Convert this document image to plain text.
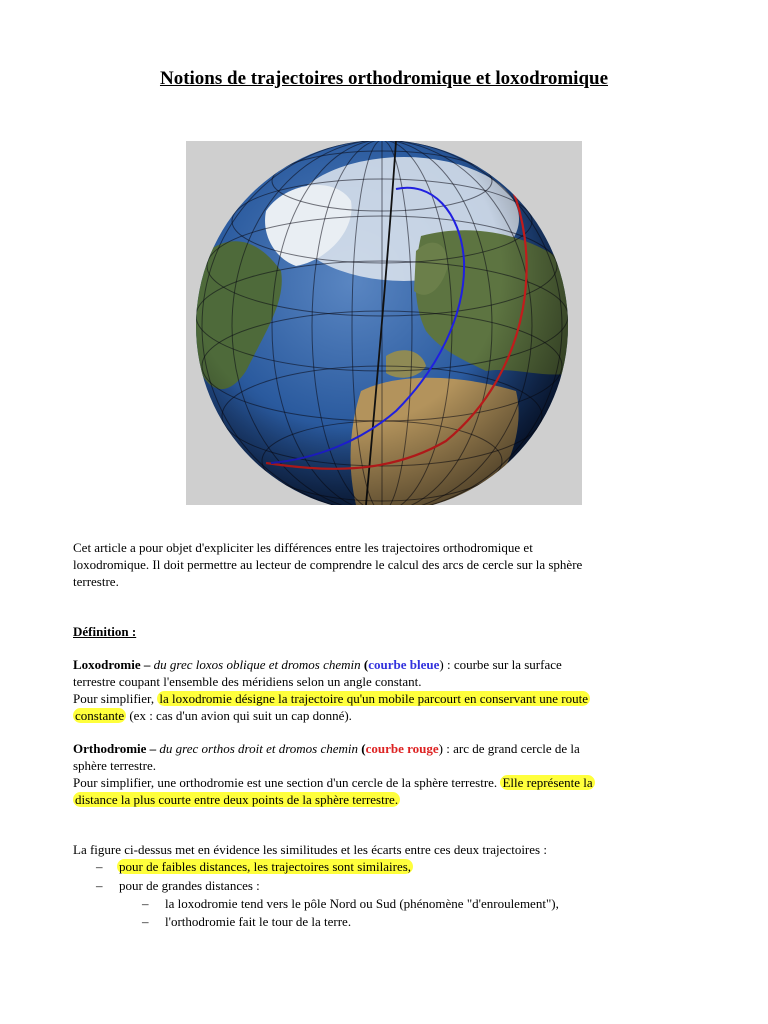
Notions de trajectoires orthodromique et loxodromique
Cet article a pour objet d'expliciter les différences entre les trajectoires orthodromique et
loxodromique. Il doit permettre au lecteur de comprendre le calcul des arcs de cercle sur la sphère
terrestre.
Définition :
Loxodromie – du grec loxos oblique et dromos chemin (courbe bleue) : courbe sur la surface
terrestre coupant l'ensemble des méridiens selon un angle constant.
Pour simplifier, la loxodromie désigne la trajectoire qu'un mobile parcourt en conservant une route
constante (ex : cas d'un avion qui suit un cap donné).
Orthodromie – du grec orthos droit et dromos chemin (courbe rouge) : arc de grand cercle de la
sphère terrestre.
Pour simplifier, une orthodromie est une section d'un cercle de la sphère terrestre. Elle représente la
distance la plus courte entre deux points de la sphère terrestre.
La figure ci-dessus met en évidence les similitudes et les écarts entre ces deux trajectoires :
– pour de faibles distances, les trajectoires sont similaires,
– pour de grandes distances :
– la loxodromie tend vers le pôle Nord ou Sud (phénomène "d'enroulement"),
– l'orthodromie fait le tour de la terre.
